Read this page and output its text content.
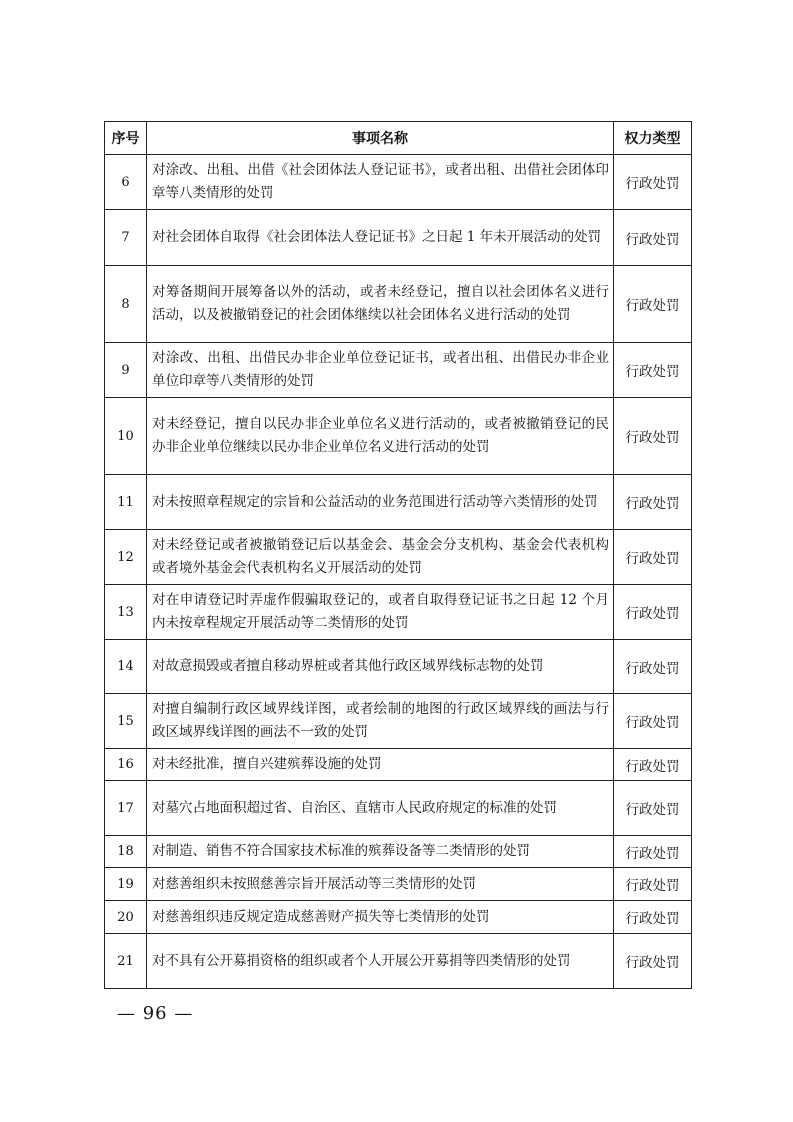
序号	事项名称	权力类型
6	对涂改、出租、出借《社会团体法人登记证书》，或者出租、出借社会团体印章等八类情形的处罚	行政处罚
7	对社会团体自取得《社会团体法人登记证书》之日起 1 年未开展活动的处罚	行政处罚
8	对筹备期间开展筹备以外的活动，或者未经登记，擅自以社会团体名义进行活动，以及被撤销登记的社会团体继续以社会团体名义进行活动的处罚	行政处罚
9	对涂改、出租、出借民办非企业单位登记证书，或者出租、出借民办非企业单位印章等八类情形的处罚	行政处罚
10	对未经登记，擅自以民办非企业单位名义进行活动的，或者被撤销登记的民办非企业单位继续以民办非企业单位名义进行活动的处罚	行政处罚
11	对未按照章程规定的宗旨和公益活动的业务范围进行活动等六类情形的处罚	行政处罚
12	对未经登记或者被撤销登记后以基金会、基金会分支机构、基金会代表机构或者境外基金会代表机构名义开展活动的处罚	行政处罚
13	对在申请登记时弄虚作假骗取登记的，或者自取得登记证书之日起 12 个月内未按章程规定开展活动等二类情形的处罚	行政处罚
14	对故意损毁或者擅自移动界桩或者其他行政区域界线标志物的处罚	行政处罚
15	对擅自编制行政区域界线详图，或者绘制的地图的行政区域界线的画法与行政区域界线详图的画法不一致的处罚	行政处罚
16	对未经批准，擅自兴建殡葬设施的处罚	行政处罚
17	对墓穴占地面积超过省、自治区、直辖市人民政府规定的标准的处罚	行政处罚
18	对制造、销售不符合国家技术标准的殡葬设备等二类情形的处罚	行政处罚
19	对慈善组织未按照慈善宗旨开展活动等三类情形的处罚	行政处罚
20	对慈善组织违反规定造成慈善财产损失等七类情形的处罚	行政处罚
21	对不具有公开募捐资格的组织或者个人开展公开募捐等四类情形的处罚	行政处罚
— 96 —
